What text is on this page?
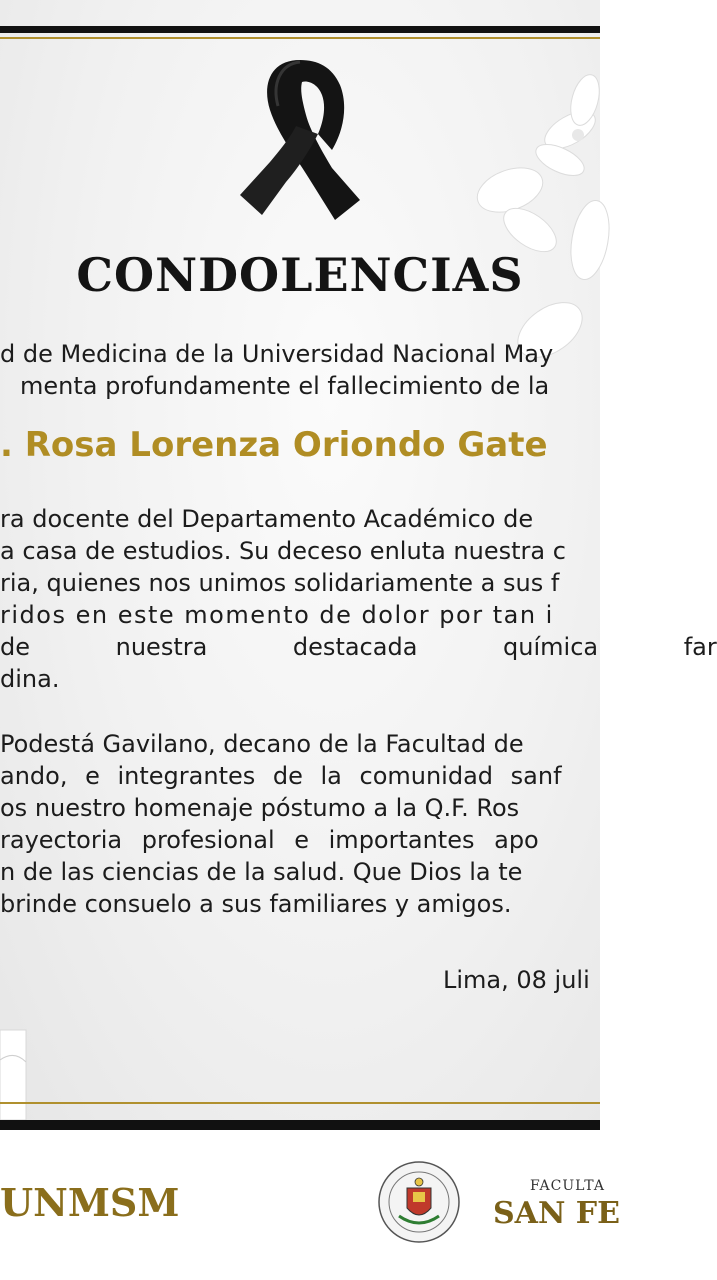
CONDOLENCIAS
d de Medicina de la Universidad Nacional May
menta profundamente el fallecimiento de la
. Rosa Lorenza Oriondo Gate
ra docente del Departamento Académico de
a casa de estudios. Su deceso enluta nuestra c
ria, quienes nos unimos solidariamente a sus f
ridos en este momento de dolor por tan i
de nuestra destacada química far
dina.
Podestá Gavilano, decano de la Facultad de
ando, e integrantes de la comunidad sanf
os nuestro homenaje póstumo a la Q.F. Ros
rayectoria profesional e importantes apo
n de las ciencias de la salud. Que Dios la te
brinde consuelo a sus familiares y amigos.
Lima, 08 juli
UNMSM	FACULTA
SAN FE
